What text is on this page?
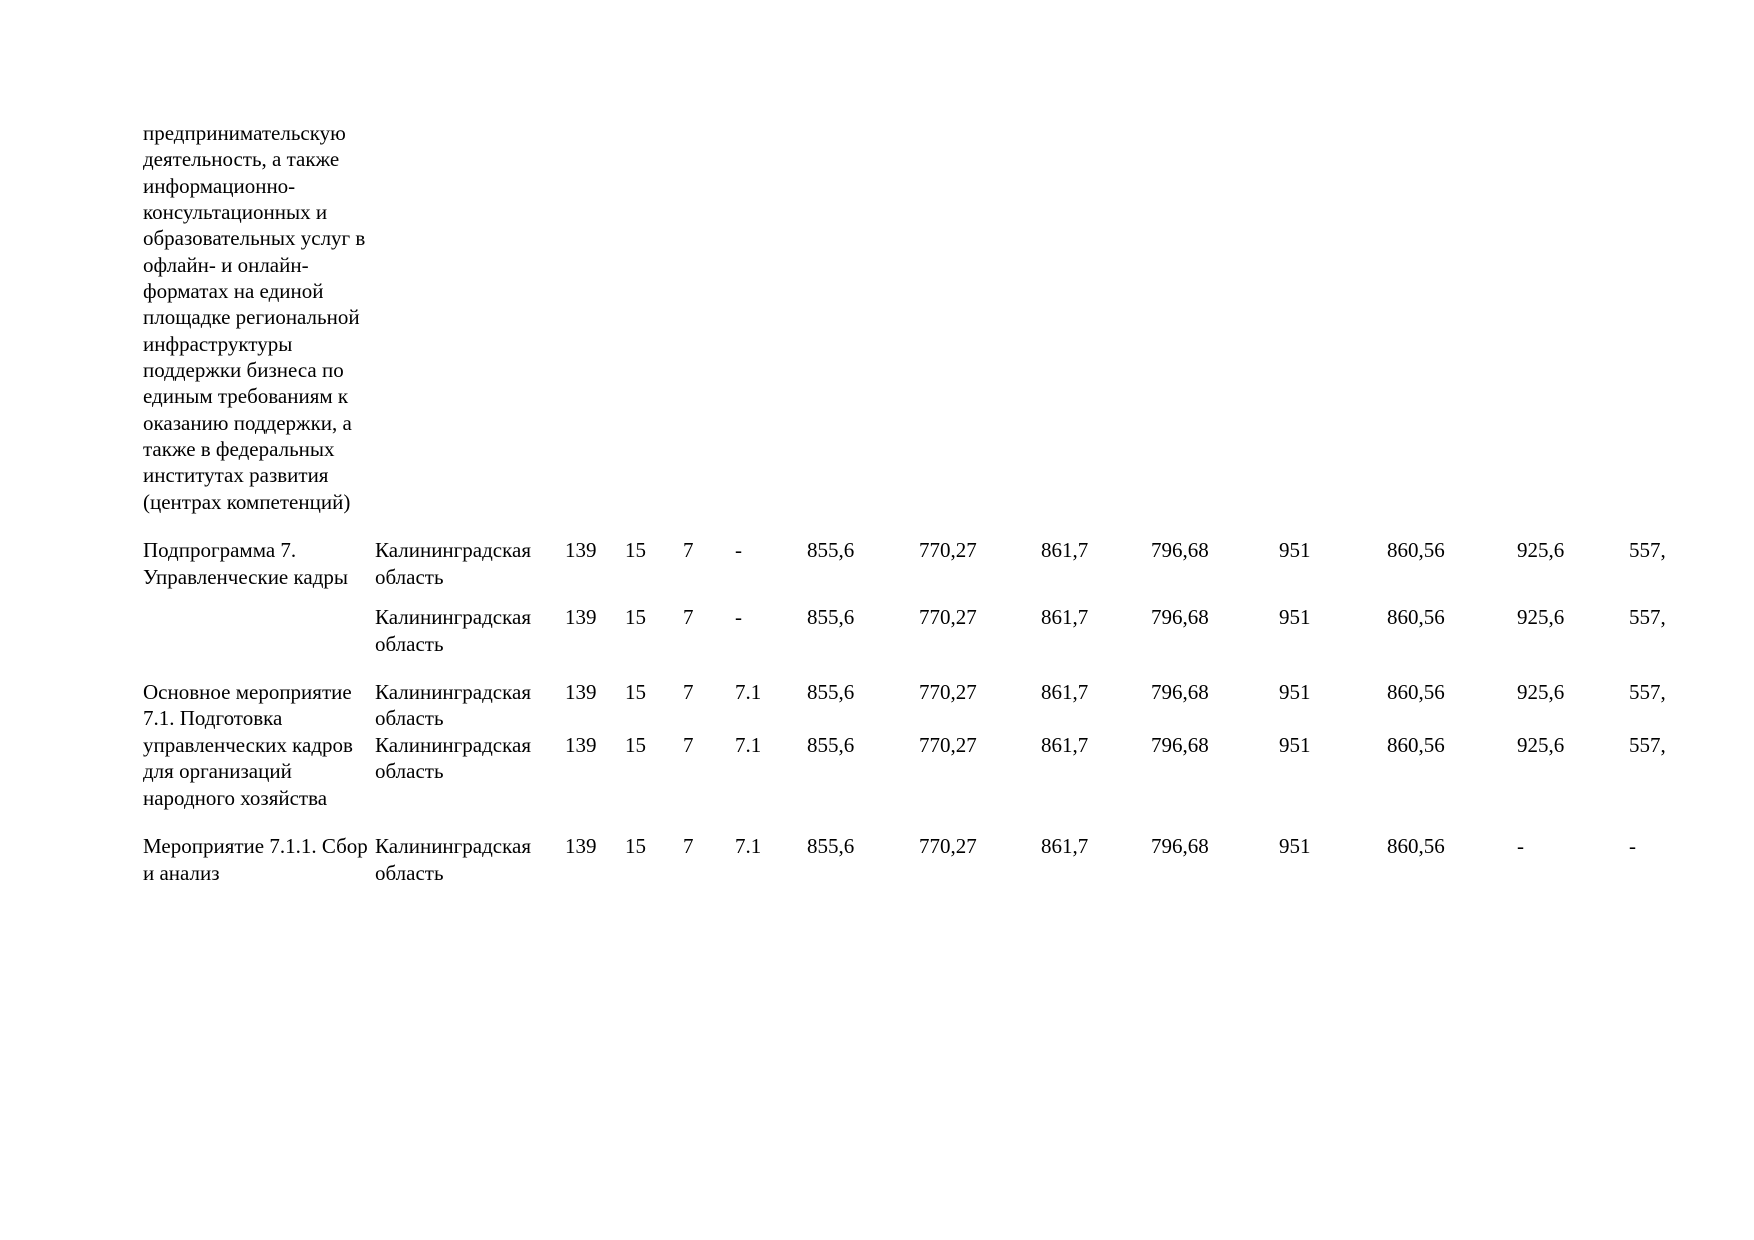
предпринимательскую деятельность, а также информационно-консультационных и образовательных услуг в офлайн- и онлайн-форматах на единой площадке региональной инфраструктуры поддержки бизнеса по единым требованиям к оказанию поддержки, а также в федеральных институтах развития (центрах компетенций)													

Подпрограмма 7. Управленческие кадры	Калининградская область	139	15	7	-	855,6	770,27	861,7	796,68	951	860,56	925,6	557,

	Калининградская область	139	15	7	-	855,6	770,27	861,7	796,68	951	860,56	925,6	557,

Основное мероприятие 7.1. Подготовка	Калининградская область	139	15	7	7.1	855,6	770,27	861,7	796,68	951	860,56	925,6	557,
управленческих кадров для организаций народного хозяйства	Калининградская область	139	15	7	7.1	855,6	770,27	861,7	796,68	951	860,56	925,6	557,

Мероприятие 7.1.1. Сбор и анализ	Калининградская область	139	15	7	7.1	855,6	770,27	861,7	796,68	951	860,56	-	-
